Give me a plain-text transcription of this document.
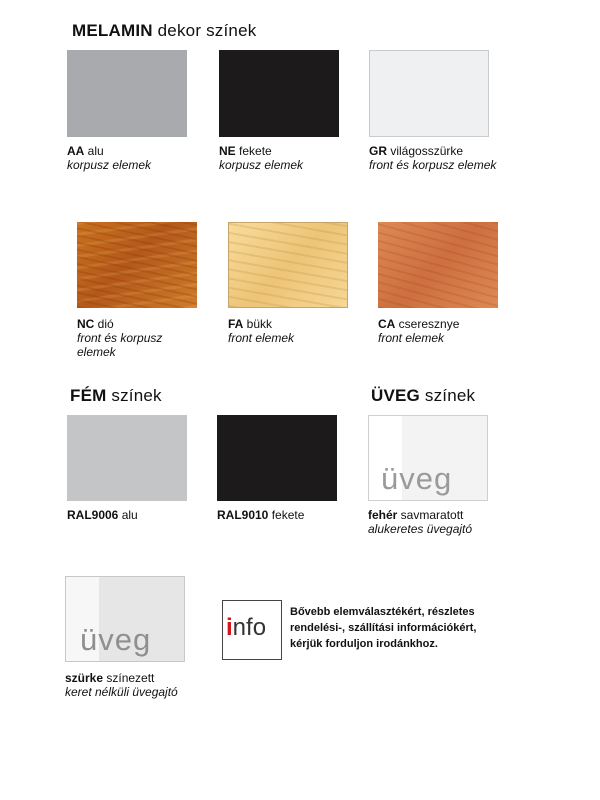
MELAMIN dekor színek
AA alu
korpusz elemek
NE fekete
korpusz elemek
GR világosszürke
front és korpusz elemek
NC dió
front és korpusz elemek
FA bükk
front elemek
CA cseresznye
front elemek
FÉM színek	ÜVEG színek
RAL9006 alu	RAL9010 fekete
üveg
fehér savmaratott
alukeretes üvegajtó
üveg
szürke színezett
keret nélküli üvegajtó
info
Bővebb elemválasztékért, részletes
rendelési-, szállítási információkért,
kérjük forduljon irodánkhoz.
